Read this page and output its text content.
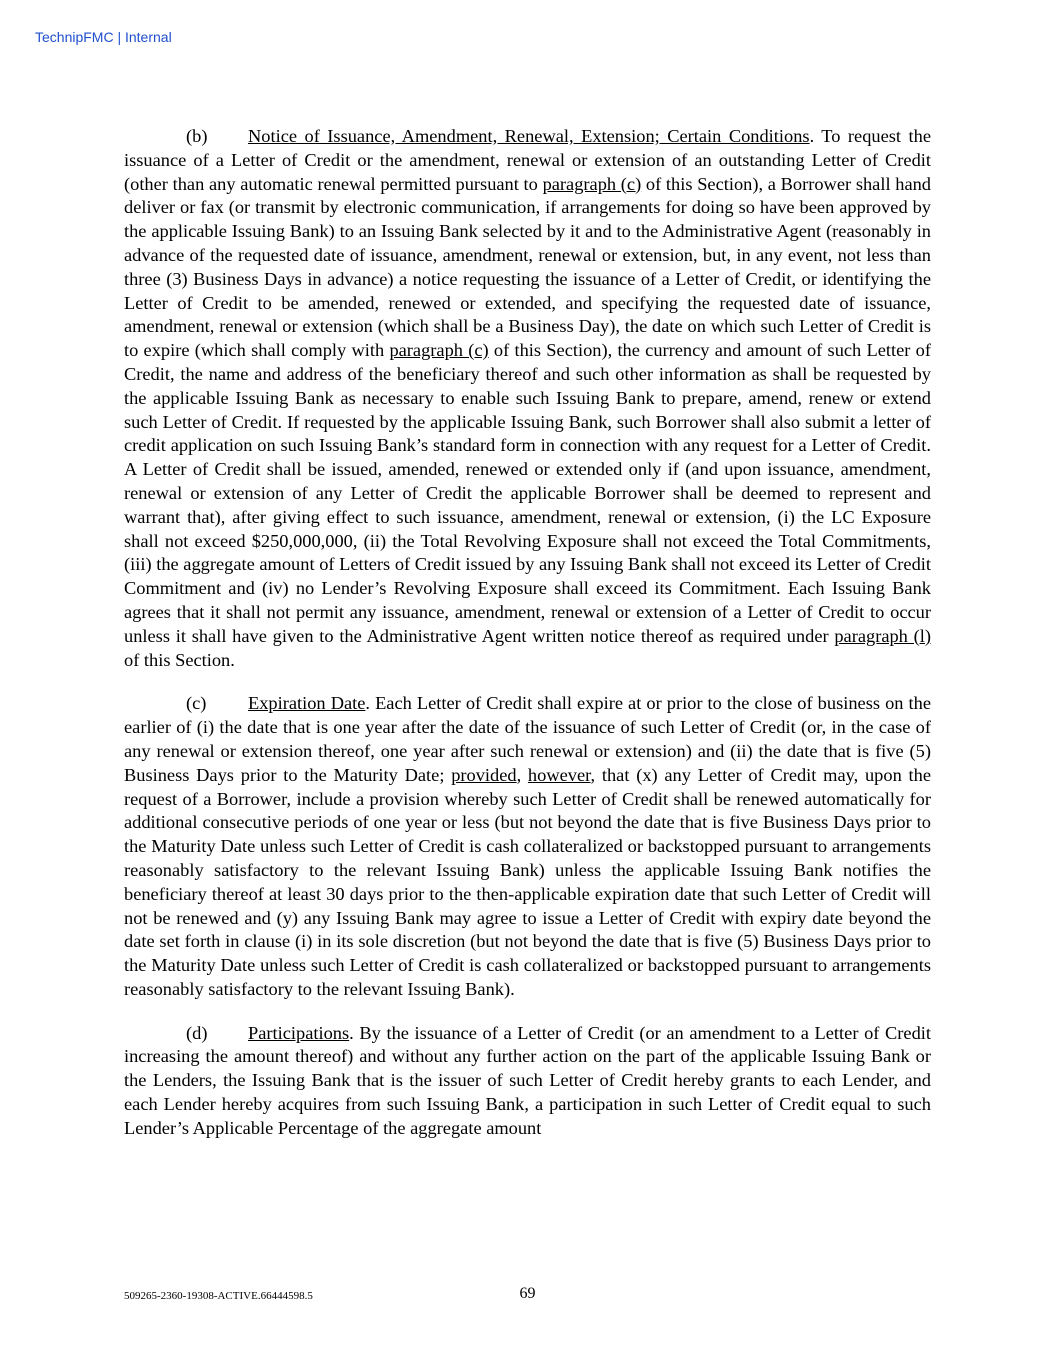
TechnipFMC | Internal

(b) Notice of Issuance, Amendment, Renewal, Extension; Certain Conditions. To request the issuance of a Letter of Credit or the amendment, renewal or extension of an outstanding Letter of Credit (other than any automatic renewal permitted pursuant to paragraph (c) of this Section), a Borrower shall hand deliver or fax (or transmit by electronic communication, if arrangements for doing so have been approved by the applicable Issuing Bank) to an Issuing Bank selected by it and to the Administrative Agent (reasonably in advance of the requested date of issuance, amendment, renewal or extension, but, in any event, not less than three (3) Business Days in advance) a notice requesting the issuance of a Letter of Credit, or identifying the Letter of Credit to be amended, renewed or extended, and specifying the requested date of issuance, amendment, renewal or extension (which shall be a Business Day), the date on which such Letter of Credit is to expire (which shall comply with paragraph (c) of this Section), the currency and amount of such Letter of Credit, the name and address of the beneficiary thereof and such other information as shall be requested by the applicable Issuing Bank as necessary to enable such Issuing Bank to prepare, amend, renew or extend such Letter of Credit. If requested by the applicable Issuing Bank, such Borrower shall also submit a letter of credit application on such Issuing Bank’s standard form in connection with any request for a Letter of Credit. A Letter of Credit shall be issued, amended, renewed or extended only if (and upon issuance, amendment, renewal or extension of any Letter of Credit the applicable Borrower shall be deemed to represent and warrant that), after giving effect to such issuance, amendment, renewal or extension, (i) the LC Exposure shall not exceed $250,000,000, (ii) the Total Revolving Exposure shall not exceed the Total Commitments, (iii) the aggregate amount of Letters of Credit issued by any Issuing Bank shall not exceed its Letter of Credit Commitment and (iv) no Lender’s Revolving Exposure shall exceed its Commitment. Each Issuing Bank agrees that it shall not permit any issuance, amendment, renewal or extension of a Letter of Credit to occur unless it shall have given to the Administrative Agent written notice thereof as required under paragraph (l) of this Section.

(c) Expiration Date. Each Letter of Credit shall expire at or prior to the close of business on the earlier of (i) the date that is one year after the date of the issuance of such Letter of Credit (or, in the case of any renewal or extension thereof, one year after such renewal or extension) and (ii) the date that is five (5) Business Days prior to the Maturity Date; provided, however, that (x) any Letter of Credit may, upon the request of a Borrower, include a provision whereby such Letter of Credit shall be renewed automatically for additional consecutive periods of one year or less (but not beyond the date that is five Business Days prior to the Maturity Date unless such Letter of Credit is cash collateralized or backstopped pursuant to arrangements reasonably satisfactory to the relevant Issuing Bank) unless the applicable Issuing Bank notifies the beneficiary thereof at least 30 days prior to the then-applicable expiration date that such Letter of Credit will not be renewed and (y) any Issuing Bank may agree to issue a Letter of Credit with expiry date beyond the date set forth in clause (i) in its sole discretion (but not beyond the date that is five (5) Business Days prior to the Maturity Date unless such Letter of Credit is cash collateralized or backstopped pursuant to arrangements reasonably satisfactory to the relevant Issuing Bank).

(d) Participations. By the issuance of a Letter of Credit (or an amendment to a Letter of Credit increasing the amount thereof) and without any further action on the part of the applicable Issuing Bank or the Lenders, the Issuing Bank that is the issuer of such Letter of Credit hereby grants to each Lender, and each Lender hereby acquires from such Issuing Bank, a participation in such Letter of Credit equal to such Lender’s Applicable Percentage of the aggregate amount

509265-2360-19308-ACTIVE.66444598.5	69
